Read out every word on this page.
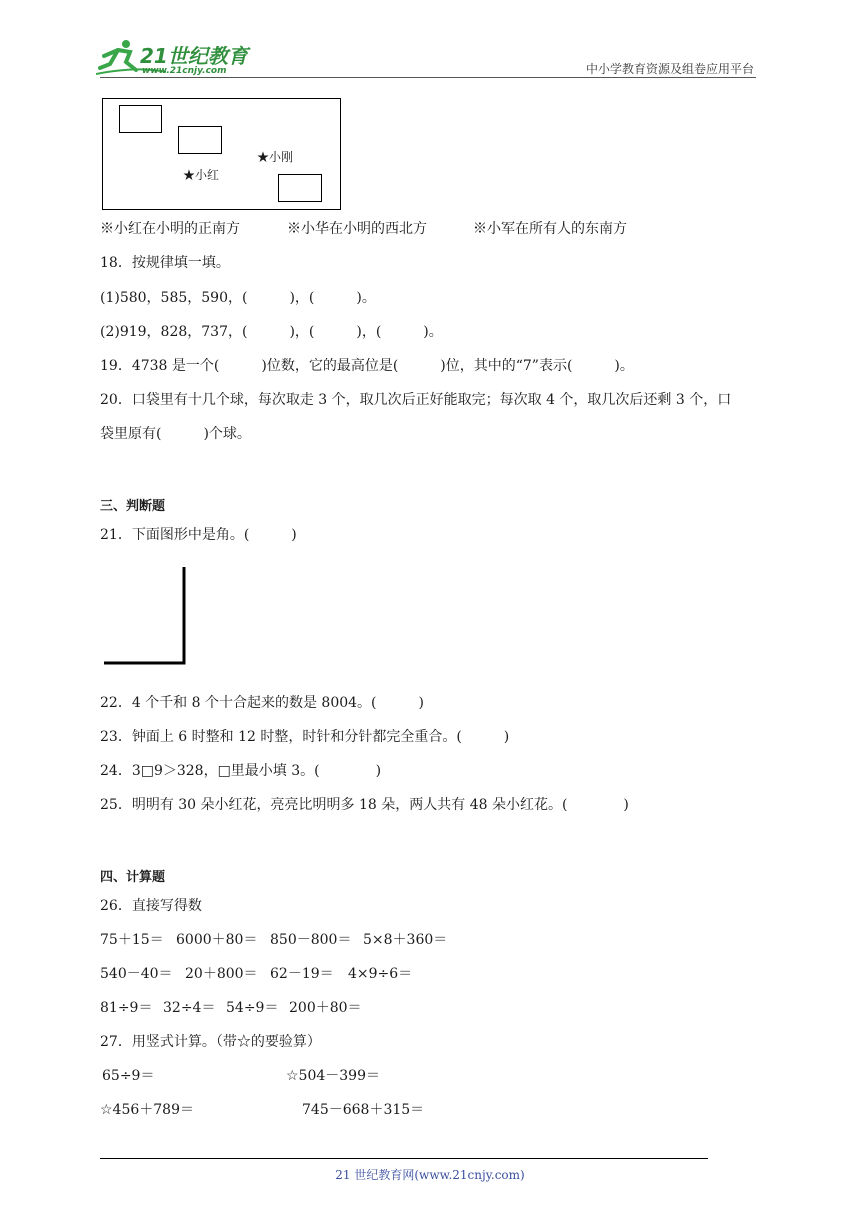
21世纪教育
www.21cnjy.com	中小学教育资源及组卷应用平台
★小刚
★小红
※小红在小明的正南方	※小华在小明的西北方	※小军在所有人的东南方
18．按规律填一填。
(1)580，585，590，(　　　)，(　　　)。
(2)919，828，737，(　　　)，(　　　)，(　　　)。
19．4738 是一个(　　　)位数，它的最高位是(　　　)位，其中的“7”表示(　　　)。
20．口袋里有十几个球，每次取走 3 个，取几次后正好能取完；每次取 4 个，取几次后还剩 3 个，口
袋里原有(　　　)个球。
三、判断题
21．下面图形中是角。(　　　)
22．4 个千和 8 个十合起来的数是 8004。(　　　)
23．钟面上 6 时整和 12 时整，时针和分针都完全重合。(　　　)
24．3□9＞328，□里最小填 3。(　　　　)
25．明明有 30 朵小红花，亮亮比明明多 18 朵，两人共有 48 朵小红花。(　　　　)
四、计算题
26．直接写得数
75＋15＝ 6000＋80＝ 850－800＝ 5×8＋360＝
540－40＝ 20＋800＝ 62－19＝ 4×9÷6＝
81÷9＝ 32÷4＝ 54÷9＝ 200＋80＝
27．用竖式计算。（带☆的要验算）
65÷9＝	☆504－399＝
☆456＋789＝	745－668＋315＝
21 世纪教育网(www.21cnjy.com)
